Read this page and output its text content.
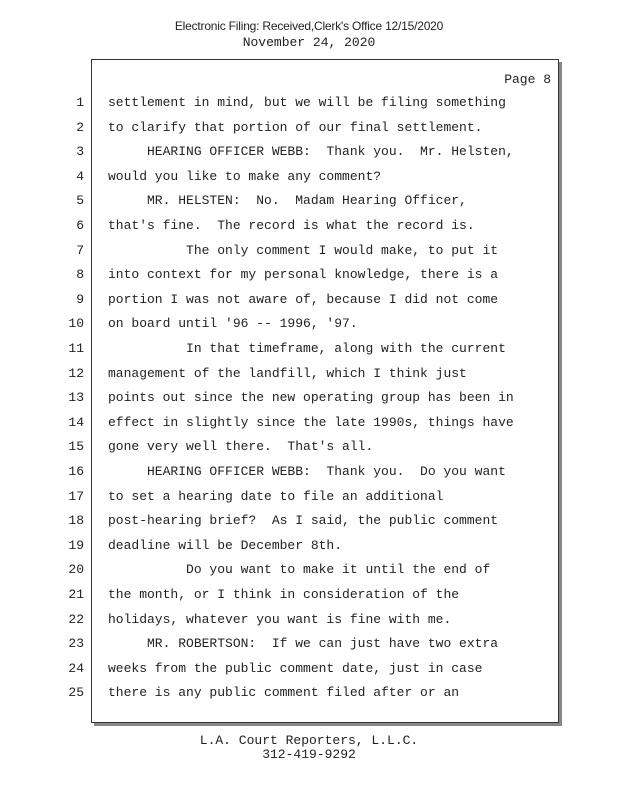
Electronic Filing: Received,Clerk's Office 12/15/2020
November 24, 2020
Page 8
1 settlement in mind, but we will be filing something
2 to clarify that portion of our final settlement.
3 HEARING OFFICER WEBB:  Thank you.  Mr. Helsten,
4 would you like to make any comment?
5 MR. HELSTEN:  No.  Madam Hearing Officer,
6 that's fine.  The record is what the record is.
7 The only comment I would make, to put it
8 into context for my personal knowledge, there is a
9 portion I was not aware of, because I did not come
10 on board until '96 -- 1996, '97.
11 In that timeframe, along with the current
12 management of the landfill, which I think just
13 points out since the new operating group has been in
14 effect in slightly since the late 1990s, things have
15 gone very well there.  That's all.
16 HEARING OFFICER WEBB:  Thank you.  Do you want
17 to set a hearing date to file an additional
18 post-hearing brief?  As I said, the public comment
19 deadline will be December 8th.
20 Do you want to make it until the end of
21 the month, or I think in consideration of the
22 holidays, whatever you want is fine with me.
23 MR. ROBERTSON:  If we can just have two extra
24 weeks from the public comment date, just in case
25 there is any public comment filed after or an
L.A. Court Reporters, L.L.C.
312-419-9292
